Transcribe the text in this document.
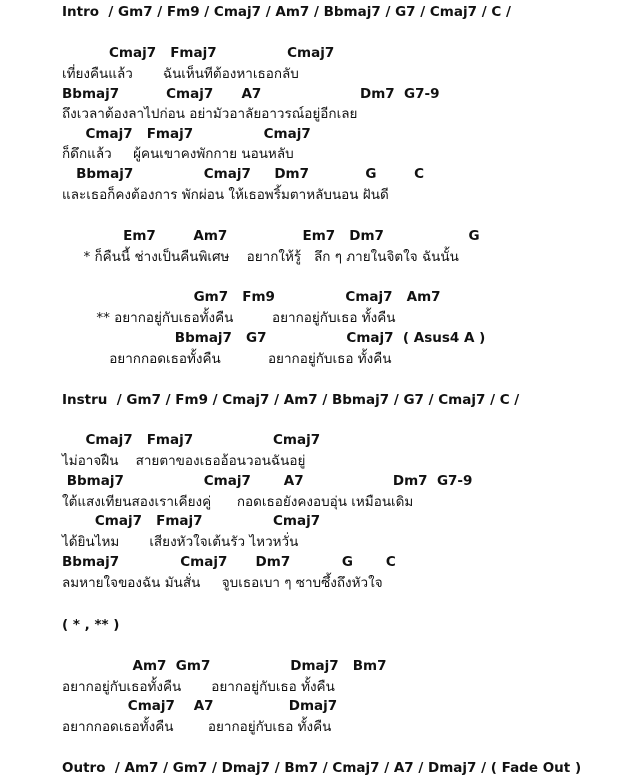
Intro  / Gm7 / Fm9 / Cmaj7 / Am7 / Bbmaj7 / G7 / Cmaj7 / C /
Cmaj7   Fmaj7               Cmaj7
เที่ยงคืนแล้ว       ฉันเห็นทีต้องหาเธอกลับ
Bbmaj7          Cmaj7      A7                     Dm7  G7-9
ถึงเวลาต้องลาไปก่อน อย่ามัวอาลัยอาวรณ์อยู่อีกเลย
Cmaj7   Fmaj7               Cmaj7
ก็ดึกแล้ว     ผู้คนเขาคงพักกาย นอนหลับ
Bbmaj7               Cmaj7     Dm7            G        C
และเธอก็คงต้องการ พักผ่อน ให้เธอพริ้มตาหลับนอน ฝันดี
Em7        Am7                Em7   Dm7                  G
* ก็คืนนี้ ช่างเป็นคืนพิเศษ    อยากให้รู้   ลึก ๆ ภายในจิตใจ ฉันนั้น
Gm7   Fm9               Cmaj7   Am7
** อยากอยู่กับเธอทั้งคืน         อยากอยู่กับเธอ ทั้งคืน
Bbmaj7   G7                 Cmaj7  ( Asus4 A )
อยากกอดเธอทั้งคืน           อยากอยู่กับเธอ ทั้งคืน
Instru  / Gm7 / Fm9 / Cmaj7 / Am7 / Bbmaj7 / G7 / Cmaj7 / C /
Cmaj7   Fmaj7                 Cmaj7
ไม่อาจฝืน    สายตาของเธออ้อนวอนฉันอยู่
Bbmaj7                 Cmaj7       A7                   Dm7  G7-9
ใต้แสงเทียนสองเราเคียงคู่      กอดเธอยังคงอบอุ่น เหมือนเดิม
Cmaj7   Fmaj7               Cmaj7
ได้ยินไหม       เสียงหัวใจเต้นรัว ไหวหวั่น
Bbmaj7             Cmaj7      Dm7           G       C
ลมหายใจของฉัน มันสั่น     จูบเธอเบา ๆ ซาบซึ้งถึงหัวใจ
( * , ** )
Am7  Gm7                 Dmaj7   Bm7
อยากอยู่กับเธอทั้งคืน       อยากอยู่กับเธอ ทั้งคืน
Cmaj7    A7                Dmaj7
อยากกอดเธอทั้งคืน        อยากอยู่กับเธอ ทั้งคืน
Outro  / Am7 / Gm7 / Dmaj7 / Bm7 / Cmaj7 / A7 / Dmaj7 / ( Fade Out )
